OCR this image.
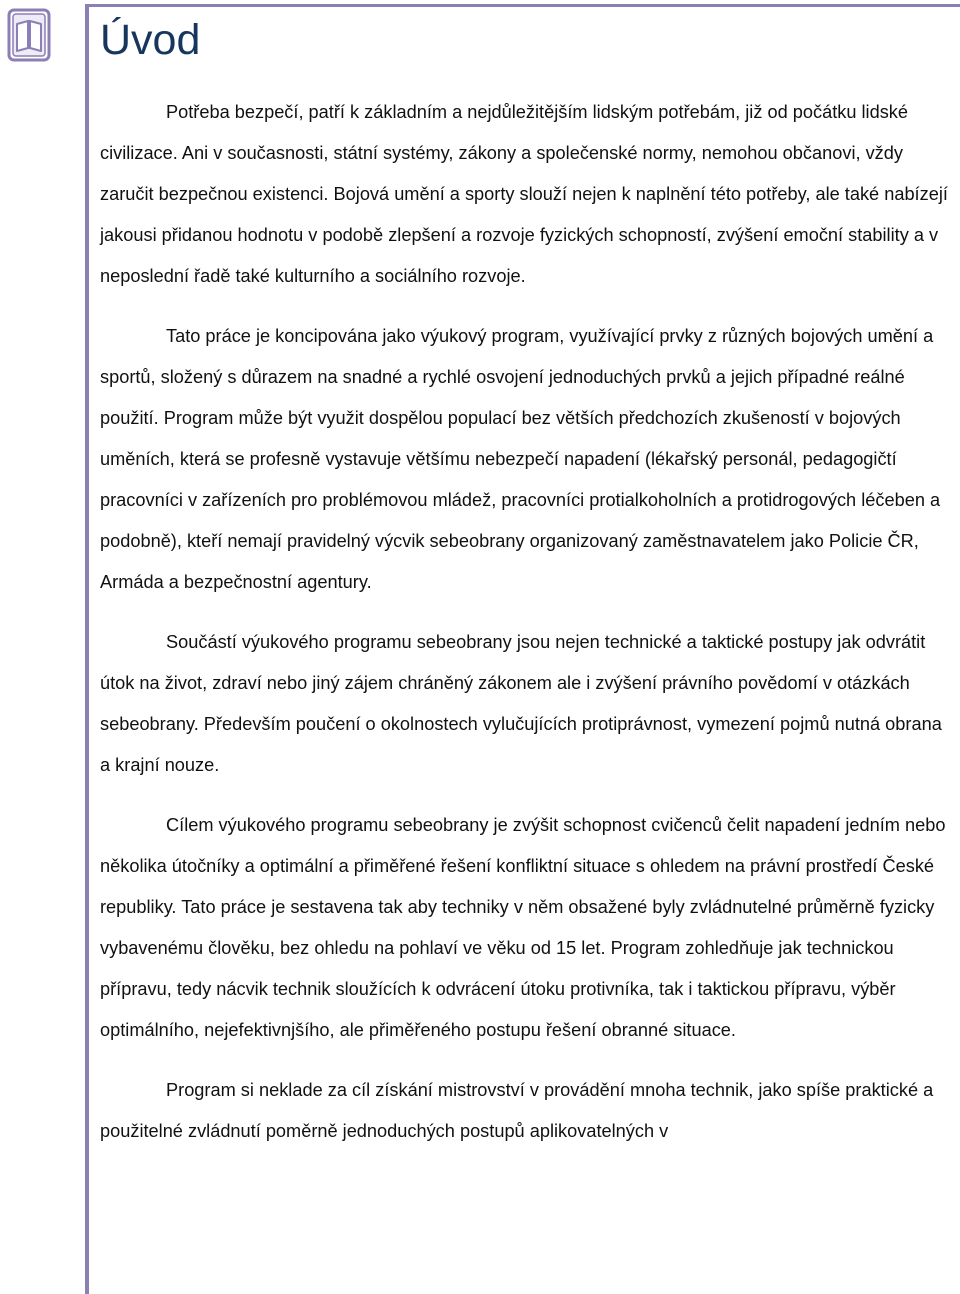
Úvod

Potřeba bezpečí, patří k základním a nejdůležitějším lidským potřebám, již od počátku lidské civilizace. Ani v současnosti, státní systémy, zákony a společenské normy, nemohou občanovi, vždy zaručit bezpečnou existenci. Bojová umění a sporty slouží nejen k naplnění této potřeby, ale také nabízejí jakousi přidanou hodnotu v podobě zlepšení a rozvoje fyzických schopností, zvýšení emoční stability a v neposlední řadě také kulturního a sociálního rozvoje.

Tato práce je koncipována jako výukový program, využívající prvky z různých bojových umění a sportů, složený s důrazem na snadné a rychlé osvojení jednoduchých prvků a jejich případné reálné použití. Program může být využit dospělou populací bez větších předchozích zkušeností v bojových uměních, která se profesně vystavuje většímu nebezpečí napadení (lékařský personál, pedagogičtí pracovníci v zařízeních pro problémovou mládež, pracovníci protialkoholních a protidrogových léčeben a podobně), kteří nemají pravidelný výcvik sebeobrany organizovaný zaměstnavatelem jako Policie ČR, Armáda a bezpečnostní agentury.

Součástí výukového programu sebeobrany jsou nejen technické a taktické postupy jak odvrátit útok na život, zdraví nebo jiný zájem chráněný zákonem ale i zvýšení právního povědomí v otázkách sebeobrany. Především poučení o okolnostech vylučujících protiprávnost, vymezení pojmů nutná obrana a krajní nouze.

Cílem výukového programu sebeobrany je zvýšit schopnost cvičenců čelit napadení jedním nebo několika útočníky a optimální a přiměřené řešení konfliktní situace s ohledem na právní prostředí České republiky. Tato práce je sestavena tak aby techniky v něm obsažené byly zvládnutelné průměrně fyzicky vybavenému člověku, bez ohledu na pohlaví ve věku od 15 let. Program zohledňuje jak technickou přípravu, tedy nácvik technik sloužících k odvrácení útoku protivníka, tak i taktickou přípravu, výběr optimálního, nejefektivnjšího, ale přiměřeného postupu řešení obranné situace.

Program si neklade za cíl získání mistrovství v provádění mnoha technik, jako spíše praktické a použitelné zvládnutí poměrně jednoduchých postupů aplikovatelných v
